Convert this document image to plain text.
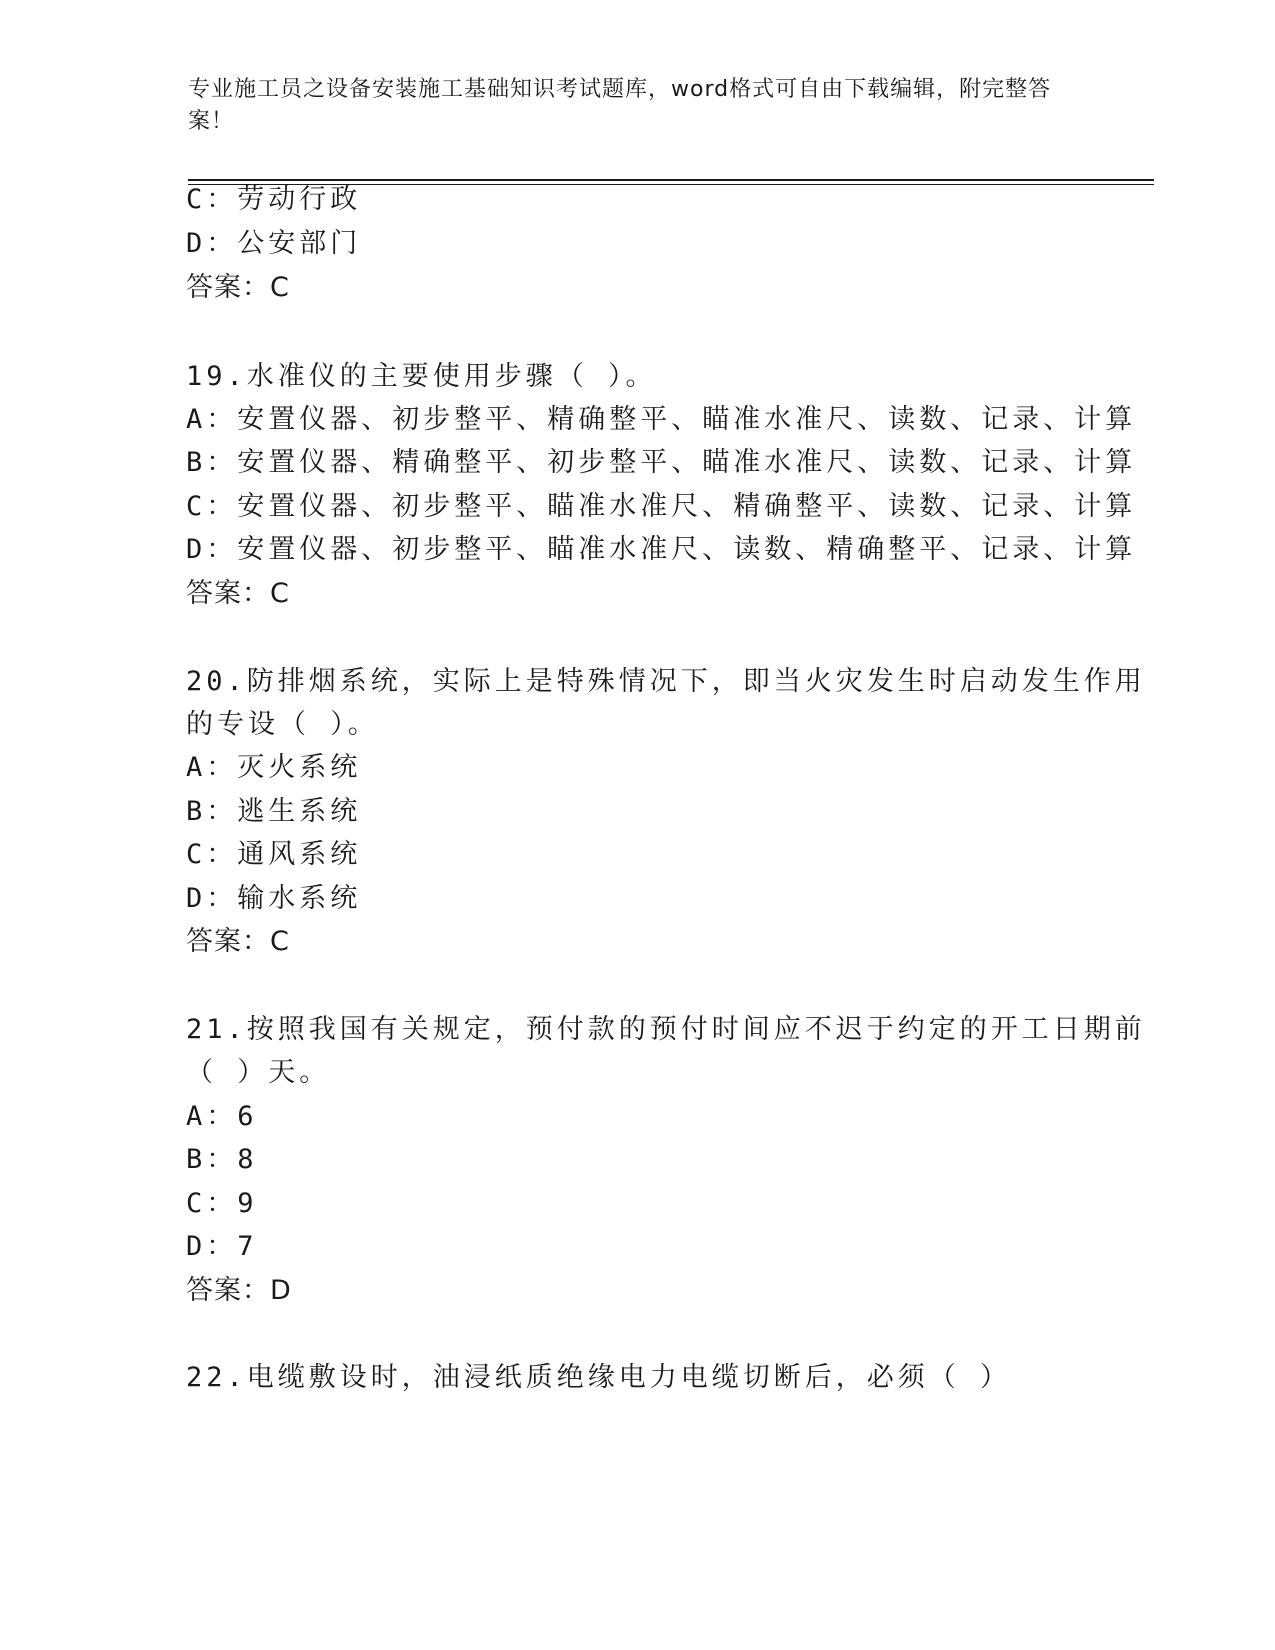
专业施工员之设备安装施工基础知识考试题库，word格式可自由下载编辑，附完整答案！
C：劳动行政
D：公安部门
答案：C
19.水准仪的主要使用步骤（ ）。
A：安置仪器、初步整平、精确整平、瞄准水准尺、读数、记录、计算
B：安置仪器、精确整平、初步整平、瞄准水准尺、读数、记录、计算
C：安置仪器、初步整平、瞄准水准尺、精确整平、读数、记录、计算
D：安置仪器、初步整平、瞄准水准尺、读数、精确整平、记录、计算
答案：C
20.防排烟系统，实际上是特殊情况下，即当火灾发生时启动发生作用
的专设（ ）。
A：灭火系统
B：逃生系统
C：通风系统
D：输水系统
答案：C
21.按照我国有关规定，预付款的预付时间应不迟于约定的开工日期前
（ ）天。
A：6
B：8
C：9
D：7
答案：D
22.电缆敷设时，油浸纸质绝缘电力电缆切断后，必须（ ）
